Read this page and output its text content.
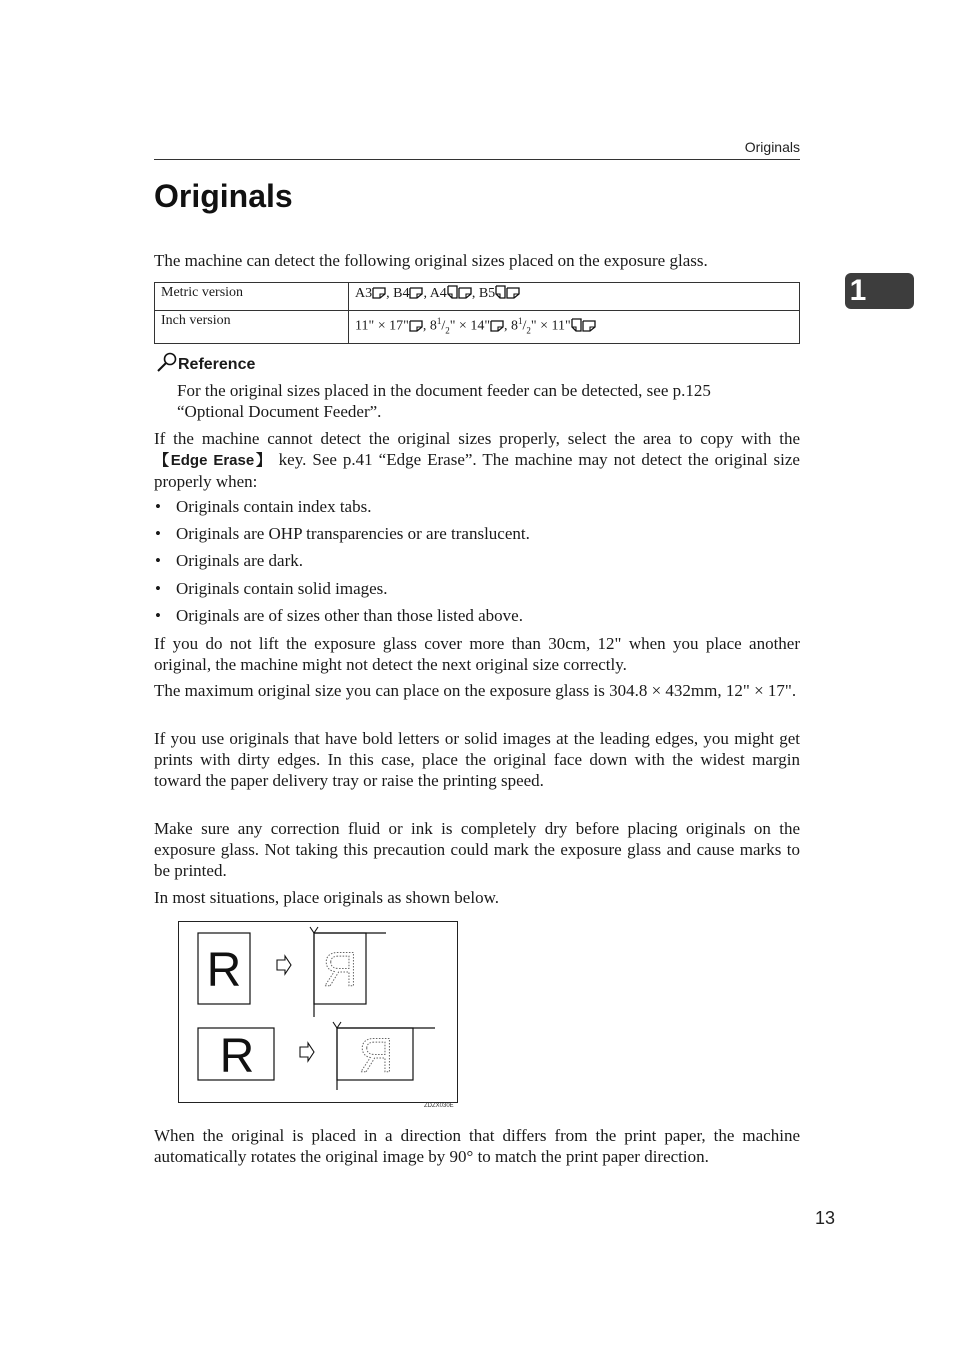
Originals
1
Originals

The machine can detect the following original sizes placed on the exposure glass.

Metric version	A3 , B4 , A4 , B5
Inch version	11" × 17" , $8^1/_2$" × 14" , $8^1/_2$" × 11"
Reference

For the original sizes placed in the document feeder can be detected, see p.125
“Optional Document Feeder”.

If the machine cannot detect the original sizes properly, select the area to copy with the 【Edge Erase】 key. See p.41 “Edge Erase”. The machine may not detect the original size properly when:

• Originals contain index tabs.
• Originals are OHP transparencies or are translucent.
• Originals are dark.
• Originals contain solid images.
• Originals are of sizes other than those listed above.

If you do not lift the exposure glass cover more than 30cm, 12" when you place another original, the machine might not detect the next original size correctly.

The maximum original size you can place on the exposure glass is 304.8 × 432mm, 12" × 17".

If you use originals that have bold letters or solid images at the leading edges, you might get prints with dirty edges. In this case, place the original face down with the widest margin toward the paper delivery tray or raise the printing speed.

Make sure any correction fluid or ink is completely dry before placing originals on the exposure glass. Not taking this precaution could mark the exposure glass and cause marks to be printed.

In most situations, place originals as shown below.

R R
R R
ZDZX030E

When the original is placed in a direction that differs from the print paper, the machine automatically rotates the original image by 90° to match the print paper direction.

13
